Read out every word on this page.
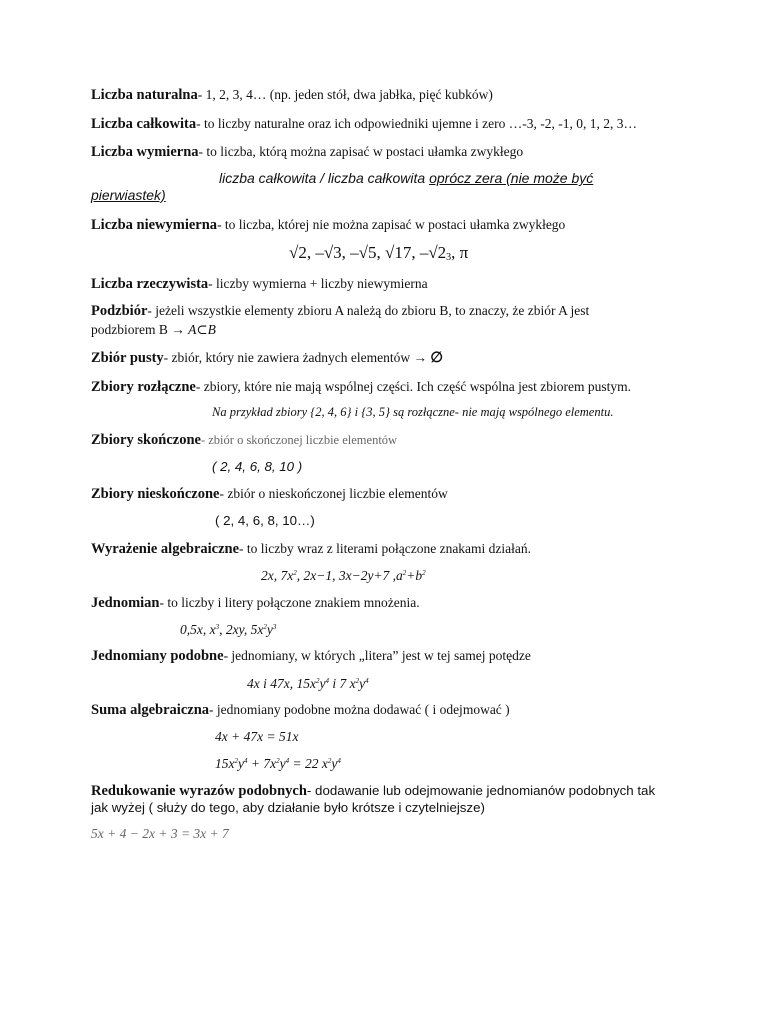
Liczba naturalna- 1, 2, 3, 4… (np. jeden stół, dwa jabłka, pięć kubków)
Liczba całkowita- to liczby naturalne oraz ich odpowiedniki ujemne i zero …-3, -2, -1, 0, 1, 2, 3…
Liczba wymierna- to liczba, którą można zapisać w postaci ułamka zwykłego
liczba całkowita / liczba całkowita oprócz zera (nie może być
pierwiastek)
Liczba niewymierna- to liczba, której nie można zapisać w postaci ułamka zwykłego
√2, –√3, –√5, √17, $-√2_3$, π
Liczba rzeczywista- liczby wymierna + liczby niewymierna
Podzbiór- jeżeli wszystkie elementy zbioru A należą do zbioru B, to znaczy, że zbiór A jest
podzbiorem B → A⊂B
Zbiór pusty- zbiór, który nie zawiera żadnych elementów → ∅
Zbiory rozłączne- zbiory, które nie mają wspólnej części. Ich część wspólna jest zbiorem pustym.
Na przykład zbiory {2, 4, 6} i {3, 5} są rozłączne- nie mają wspólnego elementu.
Zbiory skończone- zbiór o skończonej liczbie elementów
( 2, 4, 6, 8, 10 )
Zbiory nieskończone- zbiór o nieskończonej liczbie elementów
( 2, 4, 6, 8, 10…)
Wyrażenie algebraiczne- to liczby wraz z literami połączone znakami działań.
2x, $7x^2$, 2x−1, 3x−2y+7 $,a^2+b^2$
Jednomian- to liczby i litery połączone znakiem mnożenia.
0,5x, $x^3$, 2xy, $5x^2y^3$
Jednomiany podobne- jednomiany, w których „litera” jest w tej samej potędze
4x i 47x, $15x^2y^4$ i 7 $x^2y^4$
Suma algebraiczna- jednomiany podobne można dodawać ( i odejmować )
4x + 47x = 51x
$15x^2y^4 + 7x^2y^4 = 22$ $x^2y^4$
Redukowanie wyrazów podobnych- dodawanie lub odejmowanie jednomianów podobnych tak
jak wyżej ( służy do tego, aby działanie było krótsze i czytelniejsze)
5x + 4 − 2x + 3 = 3x + 7
